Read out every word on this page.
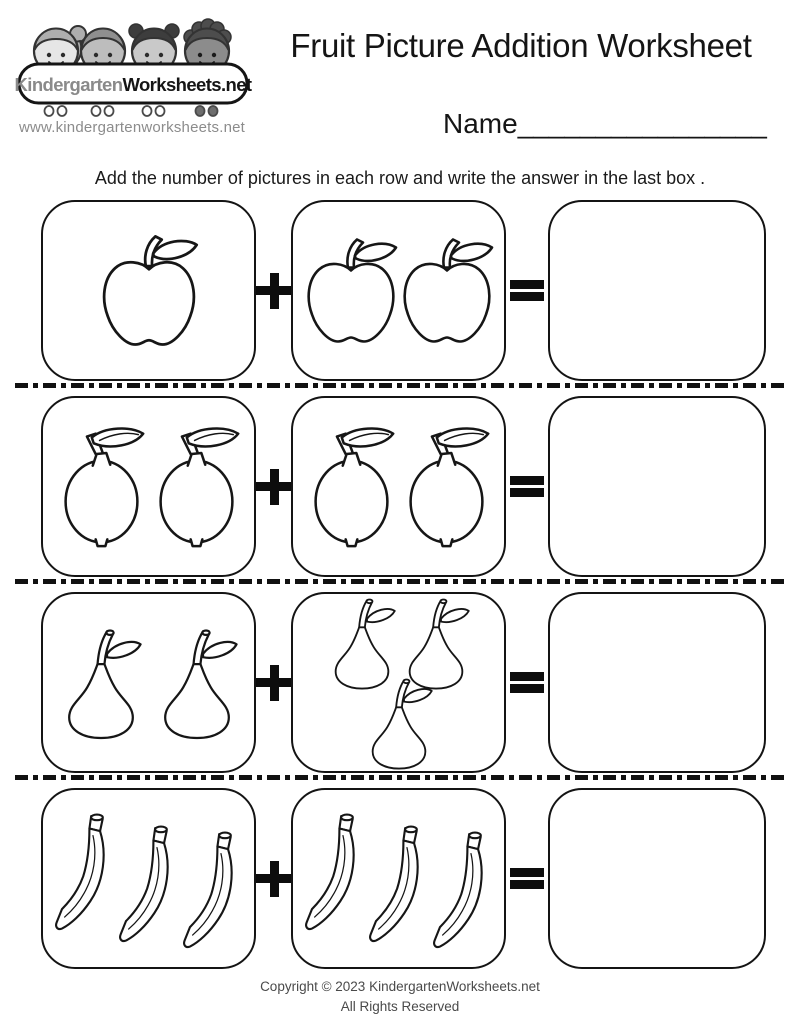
KindergartenWorksheets.net
www.kindergartenworksheets.net
Fruit Picture Addition Worksheet
Name________________
Add the number of pictures in each row and write the answer in the last box .
Copyright © 2023 KindergartenWorksheets.net
All Rights Reserved
